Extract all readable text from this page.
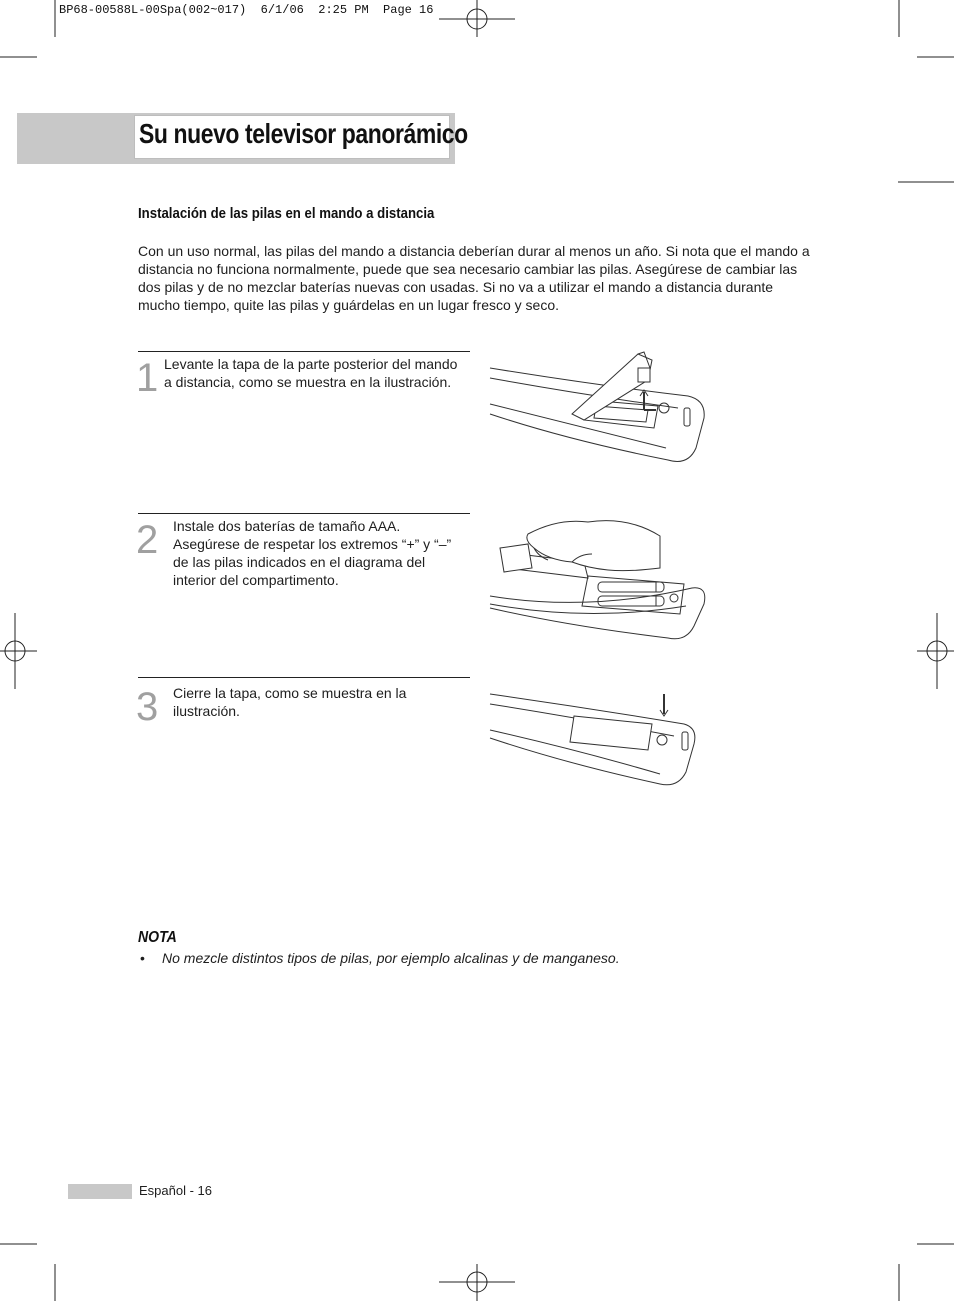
BP68-00588L-00Spa(002~017)  6/1/06  2:25 PM  Page 16
Su nuevo televisor panorámico
Instalación de las pilas en el mando a distancia
Con un uso normal, las pilas del mando a distancia deberían durar al menos un año. Si nota que el mando a distancia no funciona normalmente, puede que sea necesario cambiar las pilas. Asegúrese de cambiar las dos pilas y de no mezclar baterías nuevas con usadas. Si no va a utilizar el mando a distancia durante mucho tiempo, quite las pilas y guárdelas en un lugar fresco y seco.
1 Levante la tapa de la parte posterior del mando a distancia, como se muestra en la ilustración.
2 Instale dos baterías de tamaño AAA. Asegúrese de respetar los extremos “+” y “–” de las pilas indicados en el diagrama del interior del compartimento.
3 Cierre la tapa, como se muestra en la ilustración.
NOTA
• No mezcle distintos tipos de pilas, por ejemplo alcalinas y de manganeso.
Español - 16
